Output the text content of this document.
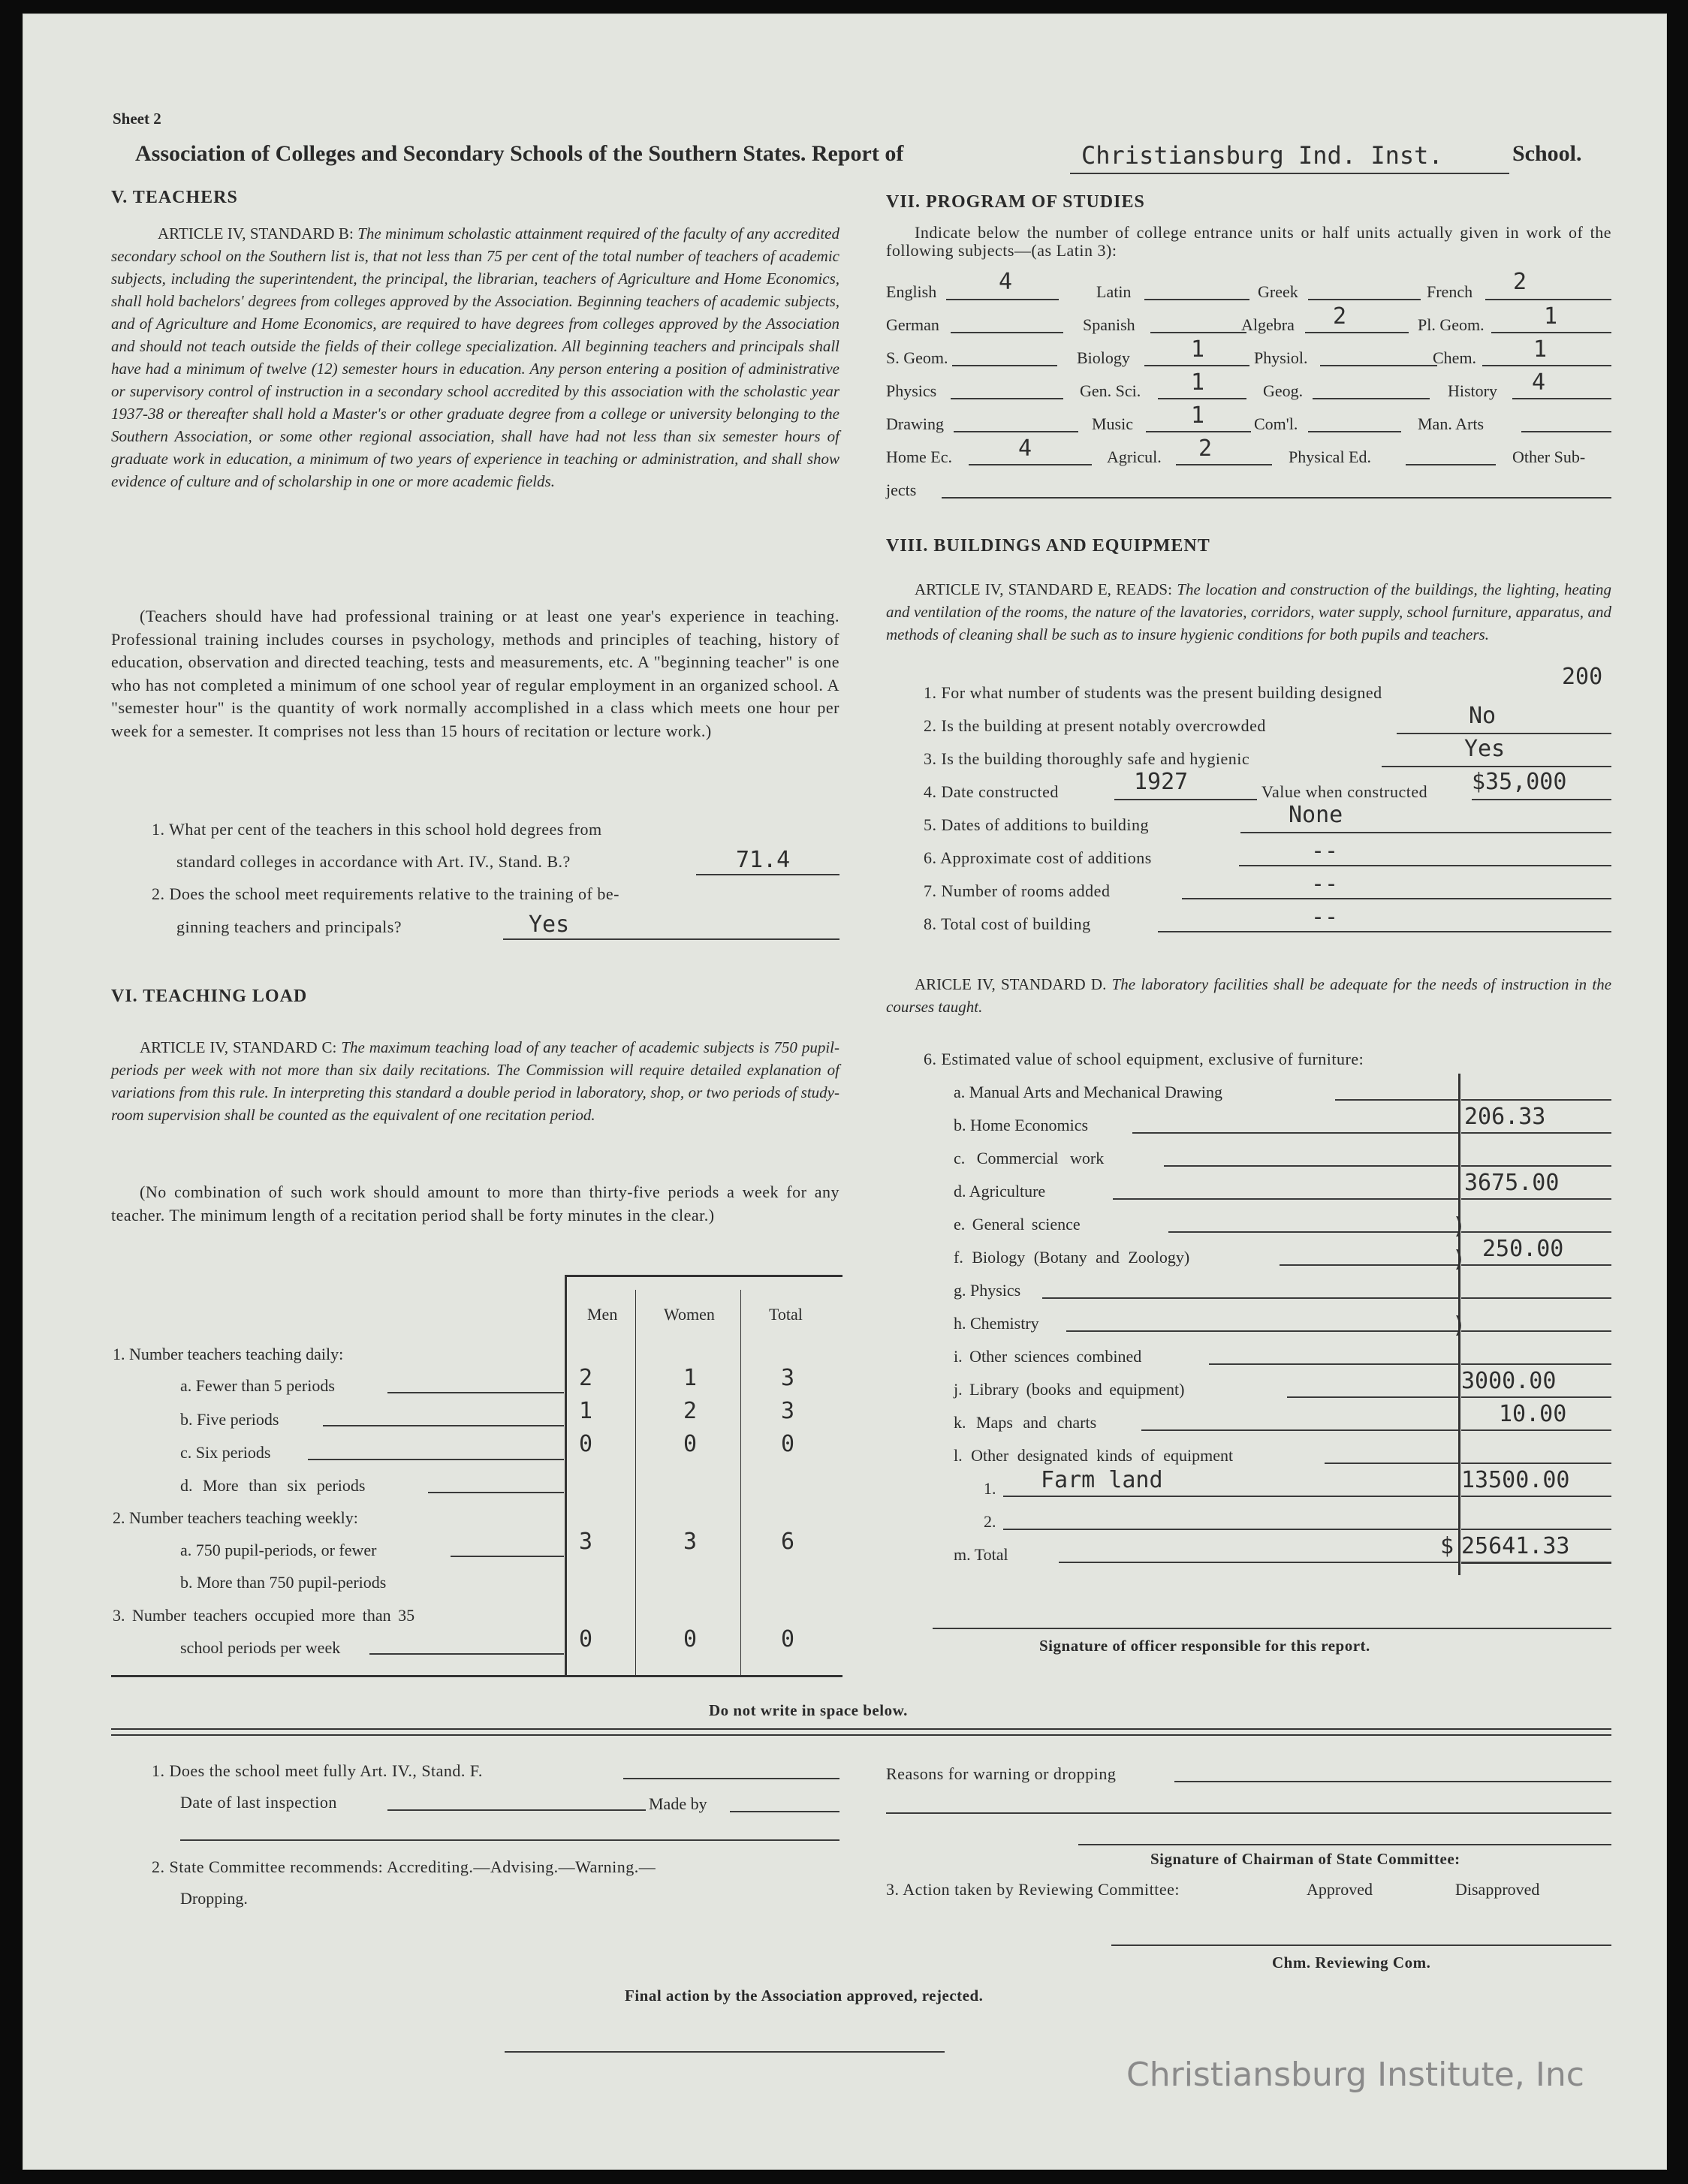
Sheet 2
Association of Colleges and Secondary Schools of the Southern States. Report of	Christiansburg Ind. Inst.	School.
V. TEACHERS

ARTICLE IV, STANDARD B: The minimum scholastic attainment required of the faculty of any accredited secondary school on the Southern list is, that not less than 75 per cent of the total number of teachers of academic subjects, including the superintendent, the principal, the librarian, teachers of Agriculture and Home Economics, shall hold bachelors' degrees from colleges approved by the Association. Beginning teachers of academic subjects, and of Agriculture and Home Economics, are required to have degrees from colleges approved by the Association and should not teach outside the fields of their college specialization. All beginning teachers and principals shall have had a minimum of twelve (12) semester hours in education. Any person entering a position of administrative or supervisory control of instruction in a secondary school accredited by this association with the scholastic year 1937-38 or thereafter shall hold a Master's or other graduate degree from a college or university belonging to the Southern Association, or some other regional association, shall have had not less than six semester hours of graduate work in education, a minimum of two years of experience in teaching or administration, and shall show evidence of culture and of scholarship in one or more academic fields.

(Teachers should have had professional training or at least one year's experience in teaching. Professional training includes courses in psychology, methods and principles of teaching, history of education, observation and directed teaching, tests and measurements, etc. A "beginning teacher" is one who has not completed a minimum of one school year of regular employment in an organized school. A "semester hour" is the quantity of work normally accomplished in a class which meets one hour per week for a semester. It comprises not less than 15 hours of recitation or lecture work.)
1. What per cent of the teachers in this school hold degrees from
standard colleges in accordance with Art. IV., Stand. B.?	71.4
2. Does the school meet requirements relative to the training of be-
ginning teachers and principals?	Yes
VI. TEACHING LOAD

ARTICLE IV, STANDARD C: The maximum teaching load of any teacher of academic subjects is 750 pupil-periods per week with not more than six daily recitations. The Commission will require detailed explanation of variations from this rule. In interpreting this standard a double period in laboratory, shop, or two periods of study-room supervision shall be counted as the equivalent of one recitation period.

(No combination of such work should amount to more than thirty-five periods a week for any teacher. The minimum length of a recitation period shall be forty minutes in the clear.)
Men	Women	Total
1. Number teachers teaching daily:
a. Fewer than 5 periods	2	1	3
b. Five periods	1	2	3
c. Six periods	0	0	0
d. More than six periods
2. Number teachers teaching weekly:
a. 750 pupil-periods, or fewer	3	3	6
b. More than 750 pupil-periods
3. Number teachers occupied more than 35
school periods per week	0	0	0
VII. PROGRAM OF STUDIES
Indicate below the number of college entrance units or half units actually given in work of the following subjects—(as Latin 3):
English	4	Latin	Greek	French 2
German	Spanish	Algebra 2	Pl. Geom.	1
S. Geom.	Biology	1	Physiol.	Chem.	1
Physics	Gen. Sci. 1	Geog.	History 4
Drawing	Music	1	Com'l.	Man. Arts
Home Ec.	4	Agricul. 2	Physical Ed.	Other Sub-
jects
VIII. BUILDINGS AND EQUIPMENT

ARTICLE IV, STANDARD E, READS: The location and construction of the buildings, the lighting, heating and ventilation of the rooms, the nature of the lavatories, corridors, water supply, school furniture, apparatus, and methods of cleaning shall be such as to insure hygienic conditions for both pupils and teachers.

1. For what number of students was the present building designed
200
2. Is the building at present notably overcrowded	No
3. Is the building thoroughly safe and hygienic	Yes
4. Date constructed	1927	Value when constructed $35,000
5. Dates of additions to building	None
6. Approximate cost of additions	--
7. Number of rooms added	--
8. Total cost of building	--

ARICLE IV, STANDARD D. The laboratory facilities shall be adequate for the needs of instruction in the courses taught.

6. Estimated value of school equipment, exclusive of furniture:
a. Manual Arts and Mechanical Drawing
b. Home Economics	206.33
c. Commercial work
d. Agriculture	3675.00
e. General science
f. Biology (Botany and Zoology)	250.00
g. Physics
h. Chemistry
)
)
)
i. Other sciences combined
j. Library (books and equipment)	3000.00
k. Maps and charts	10.00
l. Other designated kinds of equipment
1. Farm land	13500.00
2.
m. Total	$ 25641.33
Signature of officer responsible for this report.
Do not write in space below.
1. Does the school meet fully Art. IV., Stand. F.
Date of last inspection	Made by
2. State Committee recommends: Accrediting.—Advising.—Warning.—
Dropping.
Reasons for warning or dropping
Signature of Chairman of State Committee:
3. Action taken by Reviewing Committee:	Approved	Disapproved
Chm. Reviewing Com.
Final action by the Association approved, rejected.
Christiansburg Institute, Inc
